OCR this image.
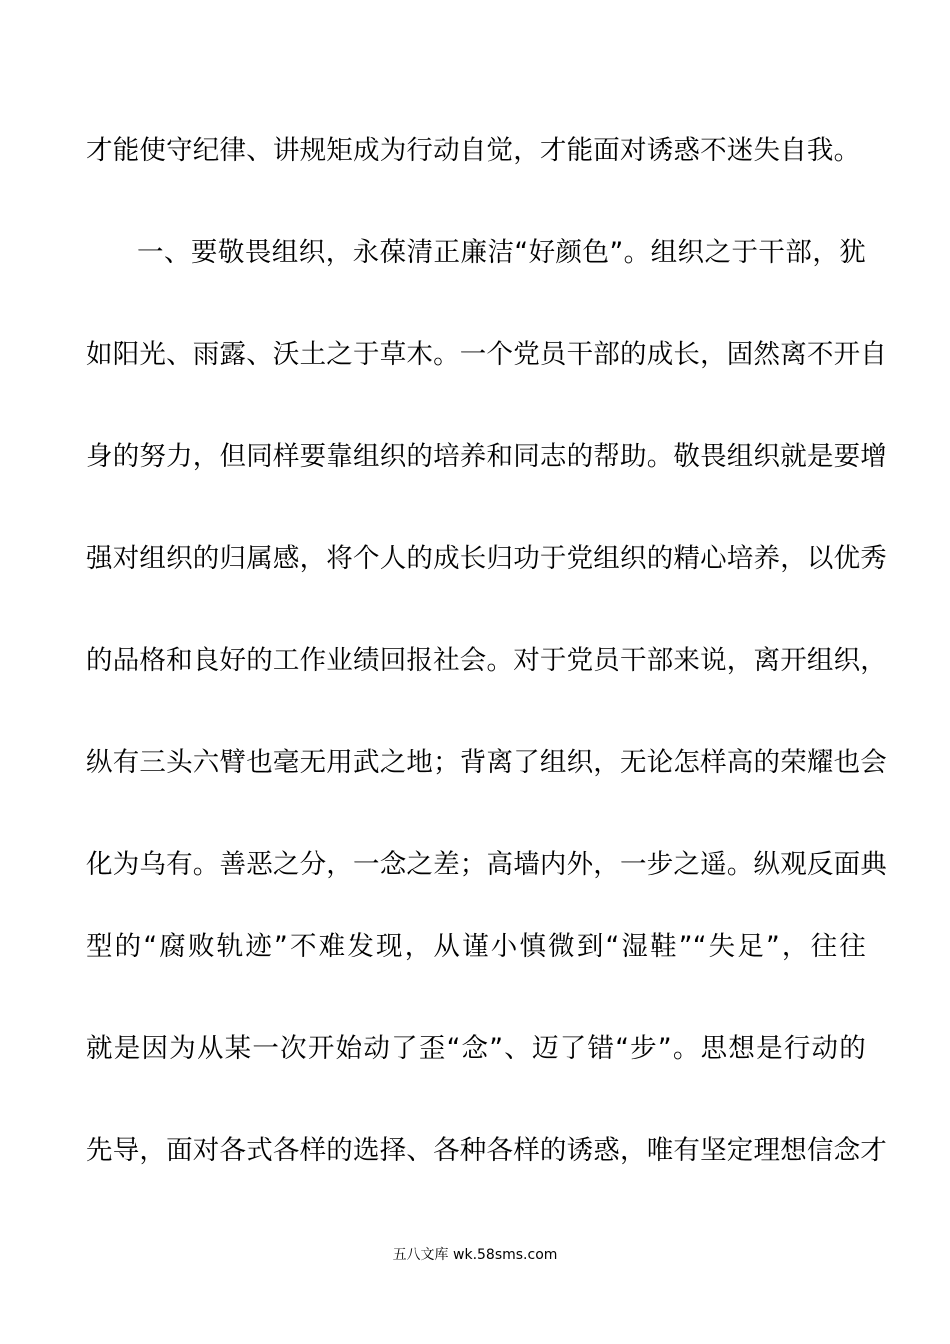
才能使守纪律、讲规矩成为行动自觉，才能面对诱惑不迷失自我。
一、要敬畏组织，永葆清正廉洁“好颜色”。组织之于干部，犹
如阳光、雨露、沃土之于草木。一个党员干部的成长，固然离不开自
身的努力，但同样要靠组织的培养和同志的帮助。敬畏组织就是要增
强对组织的归属感，将个人的成长归功于党组织的精心培养，以优秀
的品格和良好的工作业绩回报社会。对于党员干部来说，离开组织，
纵有三头六臂也毫无用武之地；背离了组织，无论怎样高的荣耀也会
化为乌有。善恶之分，一念之差；高墙内外，一步之遥。纵观反面典
型的“腐败轨迹”不难发现，从谨小慎微到“湿鞋”“失足”，往往
就是因为从某一次开始动了歪“念”、迈了错“步”。思想是行动的
先导，面对各式各样的选择、各种各样的诱惑，唯有坚定理想信念才
五八文库 wk.58sms.com
